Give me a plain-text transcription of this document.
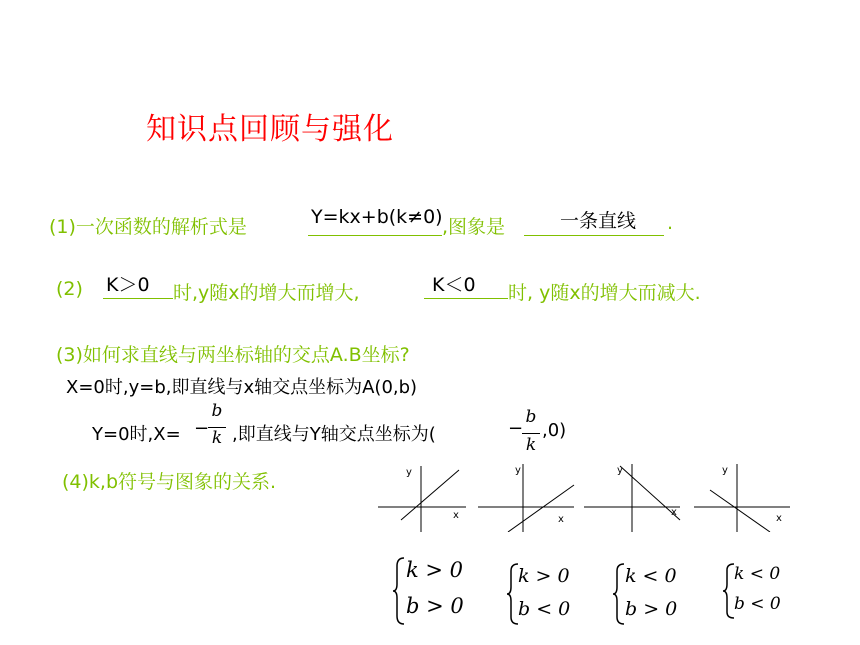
知识点回顾与强化
(1)一次函数的解析式是	Y=kx+b(k≠0) ,图象是	一条直线 .
(2) K＞0 时,y随x的增大而增大,	K＜0 时, y随x的增大而减大.
(3)如何求直线与两坐标轴的交点A.B坐标?
X=0时,y=b,即直线与x轴交点坐标为A(0,b)
Y=0时,X= −
b
k ,即直线与Y轴交点坐标为(	−
b
k
,0)
(4)k,b符号与图象的关系.	y
x
y
x
y
x
y
x
k > 0
b > 0
k > 0
b < 0
k < 0
b > 0
k < 0
b < 0
